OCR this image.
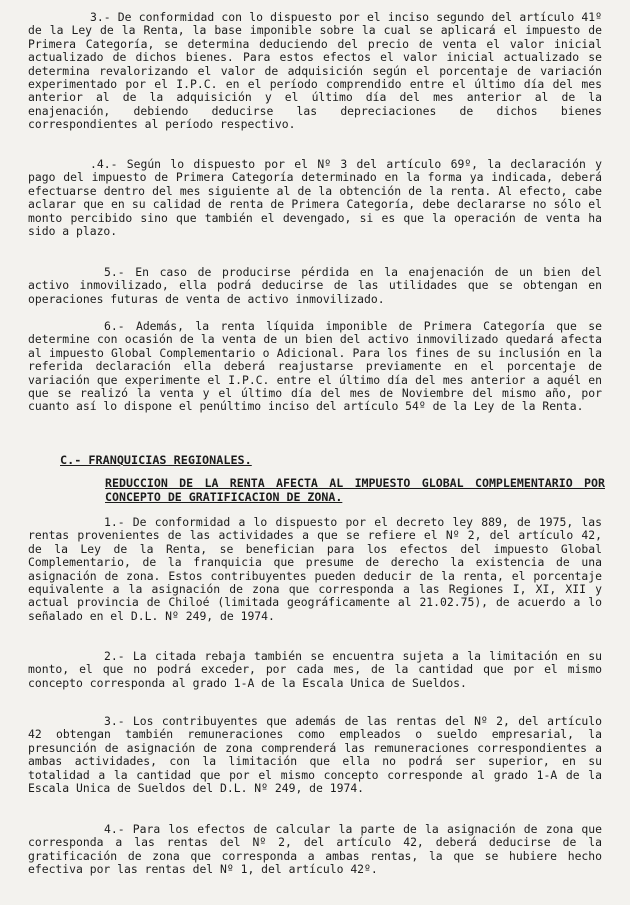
3.- De conformidad con lo dispuesto por el inciso segundo del artículo 41º de la Ley de la Renta, la base imponible sobre la cual se aplicará el impuesto de Primera Categoría, se determina deduciendo del precio de venta el valor inicial actualizado de dichos bienes. Para estos efectos el valor inicial actualizado se determina revalorizando el valor de adquisición según el porcentaje de variación experimentado por el I.P.C. en el período comprendido entre el último día del mes anterior al de la adquisición y el último día del mes anterior al de la enajenación, debiendo deducirse las depreciaciones de dichos bienes correspondientes al período respectivo.

.4.- Según lo dispuesto por el Nº 3 del artículo 69º, la declaración y pago del impuesto de Primera Categoría determinado en la forma ya indicada, deberá efectuarse dentro del mes siguiente al de la obtención de la renta. Al efecto, cabe aclarar que en su calidad de renta de Primera Categoría, debe declararse no sólo el monto percibido sino que también el devengado, si es que la operación de venta ha sido a plazo.

5.- En caso de producirse pérdida en la enajenación de un bien del activo inmovilizado, ella podrá deducirse de las utilidades que se obtengan en operaciones futuras de venta de activo inmovilizado.

6.- Además, la renta líquida imponible de Primera Categoría que se determine con ocasión de la venta de un bien del activo inmovilizado quedará afecta al impuesto Global Complementario o Adicional. Para los fines de su inclusión en la referida declaración ella deberá reajustarse previamente en el porcentaje de variación que experimente el I.P.C. entre el último día del mes anterior a aquél en que se realizó la venta y el último día del mes de Noviembre del mismo año, por cuanto así lo dispone el penúltimo inciso del artículo 54º de la Ley de la Renta.

C.- FRANQUICIAS REGIONALES.
REDUCCION DE LA RENTA AFECTA AL IMPUESTO GLOBAL COMPLEMENTARIO POR CONCEPTO DE GRATIFICACION DE ZONA.

1.- De conformidad a lo dispuesto por el decreto ley 889, de 1975, las rentas provenientes de las actividades a que se refiere el Nº 2, del artículo 42, de la Ley de la Renta, se benefician para los efectos del impuesto Global Complementario, de la franquicia que presume de derecho la existencia de una asignación de zona. Estos contribuyentes pueden deducir de la renta, el porcentaje equivalente a la asignación de zona que corresponda a las Regiones I, XI, XII y actual provincia de Chiloé (limitada geográficamente al 21.02.75), de acuerdo a lo señalado en el D.L. Nº 249, de 1974.

2.- La citada rebaja también se encuentra sujeta a la limitación en su monto, el que no podrá exceder, por cada mes, de la cantidad que por el mismo concepto corresponda al grado 1-A de la Escala Unica de Sueldos.

3.- Los contribuyentes que además de las rentas del Nº 2, del artículo 42 obtengan también remuneraciones como empleados o sueldo empresarial, la presunción de asignación de zona comprenderá las remuneraciones correspondientes a ambas actividades, con la limitación que ella no podrá ser superior, en su totalidad a la cantidad que por el mismo concepto corresponde al grado 1-A de la Escala Unica de Sueldos del D.L. Nº 249, de 1974.

4.- Para los efectos de calcular la parte de la asignación de zona que corresponda a las rentas del Nº 2, del artículo 42, deberá deducirse de la gratificación de zona que corresponda a ambas rentas, la que se hubiere hecho efectiva por las rentas del Nº 1, del artículo 42º.
